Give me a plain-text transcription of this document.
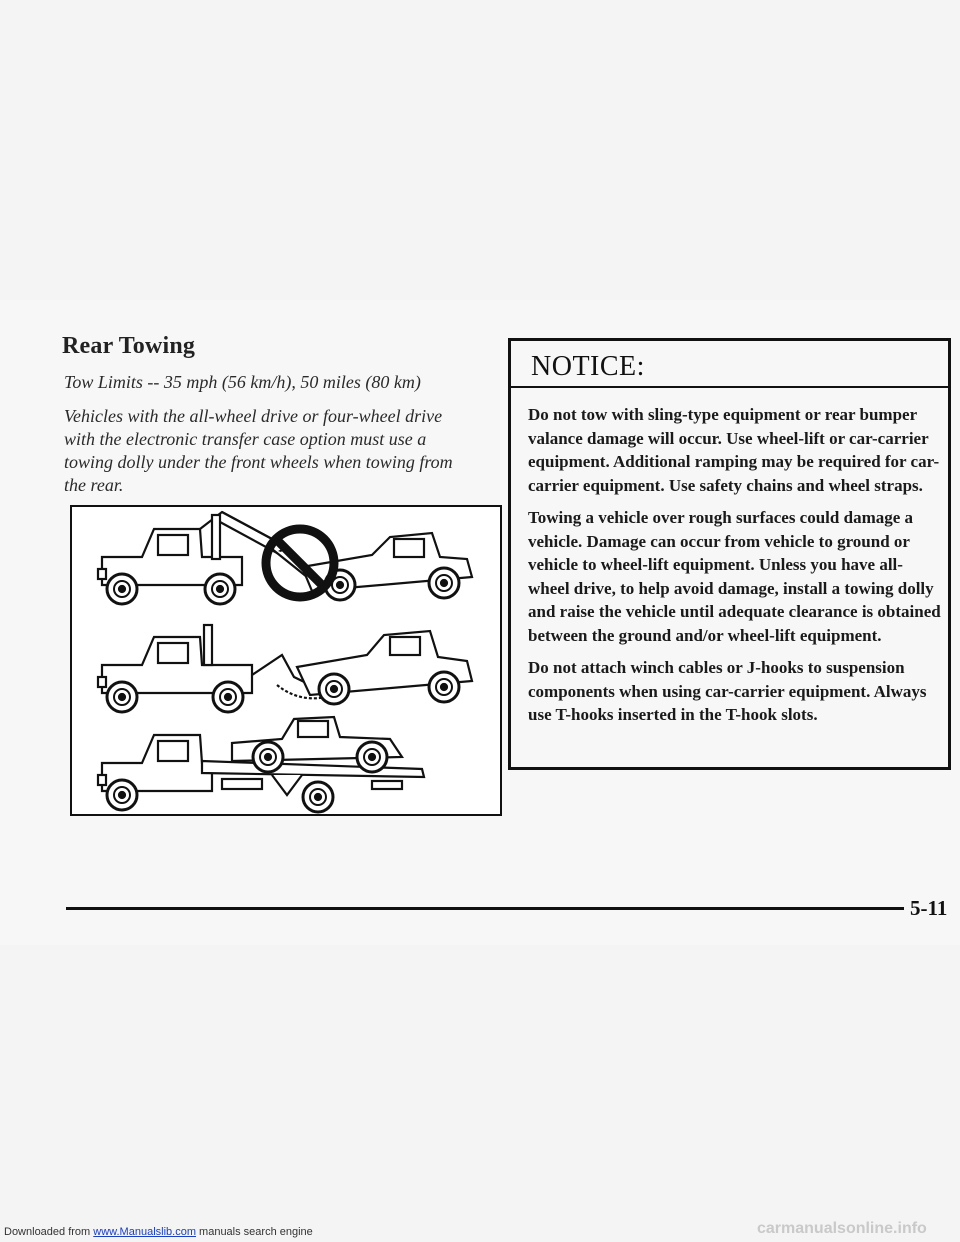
Rear Towing
Tow Limits -- 35 mph (56 km/h), 50 miles (80 km)

Vehicles with the all-wheel drive or four-wheel drive with the electronic transfer case option must use a towing dolly under the front wheels when towing from the rear.

NOTICE:

Do not tow with sling-type equipment or rear bumper valance damage will occur. Use wheel-lift or car-carrier equipment. Additional ramping may be required for car-carrier equipment. Use safety chains and wheel straps.

Towing a vehicle over rough surfaces could damage a vehicle. Damage can occur from vehicle to ground or vehicle to wheel-lift equipment. Unless you have all-wheel drive, to help avoid damage, install a towing dolly and raise the vehicle until adequate clearance is obtained between the ground and/or wheel-lift equipment.

Do not attach winch cables or J-hooks to suspension components when using car-carrier equipment. Always use T-hooks inserted in the T-hook slots.

5-11
Downloaded from www.Manualslib.com manuals search engine	carmanualsonline.info
